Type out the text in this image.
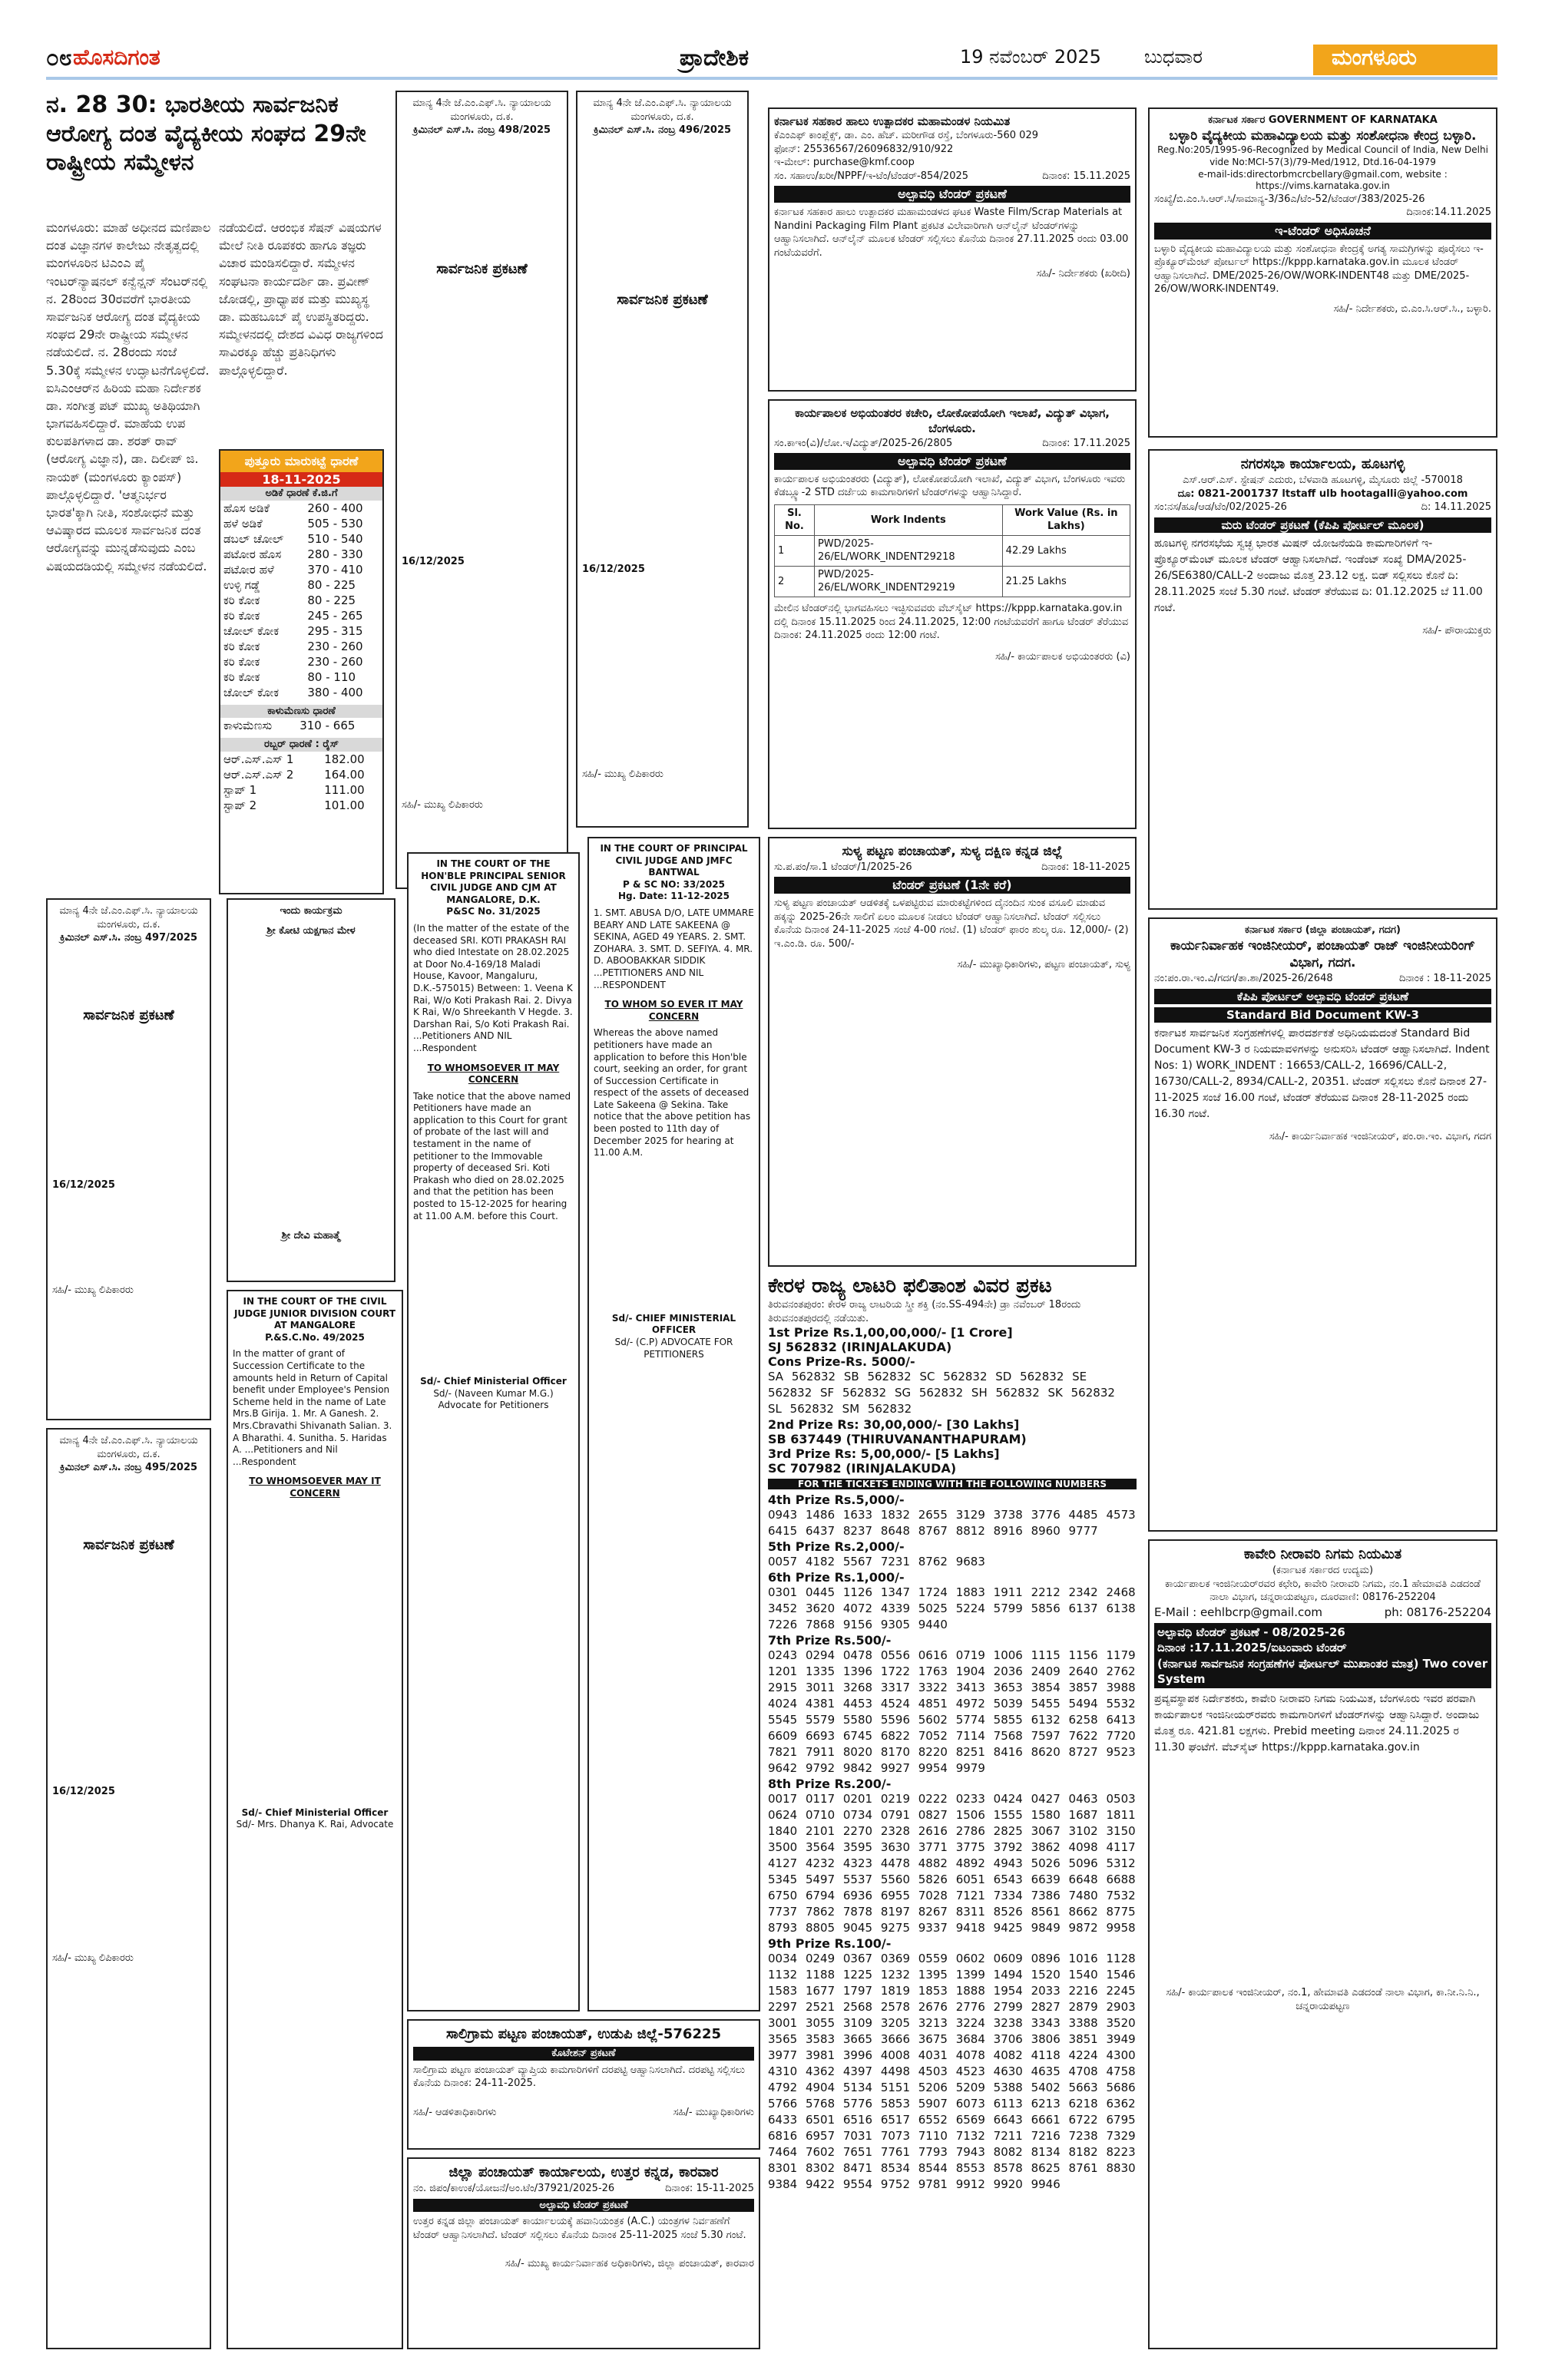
೦೮ ಹೊಸದಿಗಂತ	ಪ್ರಾದೇಶಿಕ	19 ನವೆಂಬರ್ 2025	ಬುಧವಾರ	ಮಂಗಳೂರು
ನ. 28 30: ಭಾರತೀಯ ಸಾರ್ವಜನಿಕ ಆರೋಗ್ಯ ದಂತ ವೈದ್ಯಕೀಯ ಸಂಘದ 29ನೇ ರಾಷ್ಟ್ರೀಯ ಸಮ್ಮೇಳನ
ಮಂಗಳೂರು: ಮಾಹೆ ಅಧೀನದ ಮಣಿಪಾಲ ದಂತ ವಿಜ್ಞಾನಗಳ ಕಾಲೇಜು ನೇತೃತ್ವದಲ್ಲಿ ಮಂಗಳೂರಿನ ಟಿಎಂಎ ಪೈ ಇಂಟರ್‌ನ್ಯಾಷನಲ್ ಕನ್ವೆನ್ಷನ್ ಸೆಂಟರ್‌ನಲ್ಲಿ ನ. 28ರಿಂದ 30ರವರೆಗೆ ಭಾರತೀಯ ಸಾರ್ವಜನಿಕ ಆರೋಗ್ಯ ದಂತ ವೈದ್ಯಕೀಯ ಸಂಘದ 29ನೇ ರಾಷ್ಟ್ರೀಯ ಸಮ್ಮೇಳನ ನಡೆಯಲಿದೆ. ನ. 28ರಂದು ಸಂಜೆ 5.30ಕ್ಕೆ ಸಮ್ಮೇಳನ ಉದ್ಘಾಟನೆಗೊಳ್ಳಲಿದೆ. ಐಸಿಎಂಆರ್‌ನ ಹಿರಿಯ ಮಹಾ ನಿರ್ದೇಶಕ ಡಾ. ಸಂಗೀತ್ರ ಪಟ್ ಮುಖ್ಯ ಅತಿಥಿಯಾಗಿ ಭಾಗವಹಿಸಲಿದ್ದಾರೆ. ಮಾಹೆಯ ಉಪ ಕುಲಪತಿಗಳಾದ ಡಾ. ಶರತ್ ರಾವ್ (ಆರೋಗ್ಯ ವಿಜ್ಞಾನ), ಡಾ. ದಿಲೀಪ್ ಜಿ. ನಾಯಕ್ (ಮಂಗಳೂರು ಕ್ಯಾಂಪಸ್) ಪಾಲ್ಗೊಳ್ಳಲಿದ್ದಾರೆ. 'ಆತ್ಮನಿರ್ಭರ ಭಾರತ'ಕ್ಕಾಗಿ ನೀತಿ, ಸಂಶೋಧನೆ ಮತ್ತು ಆವಿಷ್ಕಾರದ ಮೂಲಕ ಸಾರ್ವಜನಿಕ ದಂತ ಆರೋಗ್ಯವನ್ನು ಮುನ್ನಡೆಸುವುದು ಎಂಬ ವಿಷಯದಡಿಯಲ್ಲಿ ಸಮ್ಮೇಳನ ನಡೆಯಲಿದೆ.
ನಡೆಯಲಿದೆ. ಆರಂಭಿಕ ಸೆಷನ್ ವಿಷಯಗಳ ಮೇಲೆ ನೀತಿ ರೂಪಕರು ಹಾಗೂ ತಜ್ಞರು ವಿಚಾರ ಮಂಡಿಸಲಿದ್ದಾರೆ. ಸಮ್ಮೇಳನ ಸಂಘಟನಾ ಕಾರ್ಯದರ್ಶಿ ಡಾ. ಪ್ರವೀಣ್ ಜೋಡಲ್ಲಿ, ಪ್ರಾಧ್ಯಾಪಕ ಮತ್ತು ಮುಖ್ಯಸ್ಥ ಡಾ. ಮಹಬೂಬ್ ಪೈ ಉಪಸ್ಥಿತರಿದ್ದರು. ಸಮ್ಮೇಳನದಲ್ಲಿ ದೇಶದ ವಿವಿಧ ರಾಜ್ಯಗಳಿಂದ ಸಾವಿರಕ್ಕೂ ಹೆಚ್ಚು ಪ್ರತಿನಿಧಿಗಳು ಪಾಲ್ಗೊಳ್ಳಲಿದ್ದಾರೆ.
ಪುತ್ತೂರು ಮಾರುಕಟ್ಟೆ ಧಾರಣೆ
18-11-2025
ಅಡಿಕೆ ಧಾರಣೆ ಕೆ.ಜಿ.ಗೆ
ಹೊಸ ಅಡಿಕೆ	260 - 400
ಹಳೆ ಅಡಿಕೆ	505 - 530
ಡಬಲ್ ಚೋಲ್	510 - 540
ಪಟೋರ ಹೊಸ	280 - 330
ಪಟೋರ ಹಳೆ	370 - 410
ಉಳ್ಳಿ ಗಡ್ಡೆ	80 - 225
ಕರಿ ಕೋಕ	80 - 225
ಕರಿ ಕೋಕ	245 - 265
ಚೋಲ್ ಕೋಕ	295 - 315
ಕರಿ ಕೋಕ	230 - 260
ಕರಿ ಕೋಕ	230 - 260
ಕರಿ ಕೋಕ	80 - 110
ಚೋಲ್ ಕೋಕ	380 - 400
ಕಾಳುಮೆಣಸು ಧಾರಣೆ
ಕಾಳುಮೆಣಸು	310 - 665
ರಬ್ಬರ್ ಧಾರಣೆ : ರೈಸ್
ಆರ್.ಎಸ್.ಎಸ್ 1	182.00
ಆರ್.ಎಸ್.ಎಸ್ 2	164.00
ಸ್ಟಾಪ್ 1	111.00
ಸ್ಟಾಪ್ 2	101.00
ಮಾನ್ಯ 4ನೇ ಜೆ.ಎಂ.ಎಫ್.ಸಿ. ನ್ಯಾಯಾಲಯ ಮಂಗಳೂರು, ದ.ಕ.
ಕ್ರಿಮಿನಲ್ ಎಸ್.ಸಿ. ನಂಬ್ರ 497/2025
ಸಾರ್ವಜನಿಕ ಪ್ರಕಟಣೆ
16/12/2025
ಸಹಿ/- ಮುಖ್ಯ ಲಿಪಿಕಾರರು
ಮಾನ್ಯ 4ನೇ ಜೆ.ಎಂ.ಎಫ್.ಸಿ. ನ್ಯಾಯಾಲಯ ಮಂಗಳೂರು, ದ.ಕ.
ಕ್ರಿಮಿನಲ್ ಎಸ್.ಸಿ. ನಂಬ್ರ 495/2025
ಸಾರ್ವಜನಿಕ ಪ್ರಕಟಣೆ
16/12/2025
ಸಹಿ/- ಮುಖ್ಯ ಲಿಪಿಕಾರರು
ಮಾನ್ಯ 4ನೇ ಜೆ.ಎಂ.ಎಫ್.ಸಿ. ನ್ಯಾಯಾಲಯ ಮಂಗಳೂರು, ದ.ಕ.
ಕ್ರಿಮಿನಲ್ ಎಸ್.ಸಿ. ನಂಬ್ರ 498/2025
ಸಾರ್ವಜನಿಕ ಪ್ರಕಟಣೆ
16/12/2025
ಸಹಿ/- ಮುಖ್ಯ ಲಿಪಿಕಾರರು
ಮಾನ್ಯ 4ನೇ ಜೆ.ಎಂ.ಎಫ್.ಸಿ. ನ್ಯಾಯಾಲಯ ಮಂಗಳೂರು, ದ.ಕ.
ಕ್ರಿಮಿನಲ್ ಎಸ್.ಸಿ. ನಂಬ್ರ 496/2025
ಸಾರ್ವಜನಿಕ ಪ್ರಕಟಣೆ
16/12/2025
ಸಹಿ/- ಮುಖ್ಯ ಲಿಪಿಕಾರರು
ಇಂದು ಕಾರ್ಯಕ್ರಮ
ಶ್ರೀ ಕೋಟಿ ಯಕ್ಷಗಾನ ಮೇಳ
ಶ್ರೀ ದೇವಿ ಮಹಾತ್ಮೆ
IN THE COURT OF THE CIVIL JUDGE JUNIOR DIVISION COURT AT MANGALORE
P.&S.C.No. 49/2025
In the matter of grant of Succession Certificate to the amounts held in Return of Capital benefit under Employee's Pension Scheme held in the name of Late Mrs.B Girija. 1. Mr. A Ganesh. 2. Mrs.Cbravathi Shivanath Salian. 3. A Bharathi. 4. Sunitha. 5. Haridas A. ...Petitioners and Nil ...Respondent
TO WHOMSOEVER MAY IT CONCERN
Sd/- Chief Ministerial Officer
Sd/- Mrs. Dhanya K. Rai, Advocate
IN THE COURT OF THE HON'BLE PRINCIPAL SENIOR CIVIL JUDGE AND CJM AT MANGALORE, D.K.
P&SC No. 31/2025
(In the matter of the estate of the deceased SRI. KOTI PRAKASH RAI who died Intestate on 28.02.2025 at Door No.4-169/18 Maladi House, Kavoor, Mangaluru, D.K.-575015) Between: 1. Veena K Rai, W/o Koti Prakash Rai. 2. Divya K Rai, W/o Shreekanth V Hegde. 3. Darshan Rai, S/o Koti Prakash Rai. ...Petitioners AND NIL ...Respondent
TO WHOMSOEVER IT MAY CONCERN
Take notice that the above named Petitioners have made an application to this Court for grant of probate of the last will and testament in the name of petitioner to the Immovable property of deceased Sri. Koti Prakash who died on 28.02.2025 and that the petition has been posted to 15-12-2025 for hearing at 11.00 A.M. before this Court.
Sd/- Chief Ministerial Officer
Sd/- (Naveen Kumar M.G.) Advocate for Petitioners
IN THE COURT OF PRINCIPAL CIVIL JUDGE AND JMFC BANTWAL
P & SC NO: 33/2025
Hg. Date: 11-12-2025
1. SMT. ABUSA D/O, LATE UMMARE BEARY AND LATE SAKEENA @ SEKINA, AGED 49 YEARS. 2. SMT. ZOHARA. 3. SMT. D. SEFIYA. 4. MR. D. ABOOBAKKAR SIDDIK ...PETITIONERS AND NIL ...RESPONDENT
TO WHOM SO EVER IT MAY CONCERN
Whereas the above named petitioners have made an application to before this Hon'ble court, seeking an order, for grant of Succession Certificate in respect of the assets of deceased Late Sakeena @ Sekina. Take notice that the above petition has been posted to 11th day of December 2025 for hearing at 11.00 A.M.
Sd/- CHIEF MINISTERIAL OFFICER
Sd/- (C.P) ADVOCATE FOR PETITIONERS
ಸಾಲಿಗ್ರಾಮ ಪಟ್ಟಣ ಪಂಚಾಯತ್, ಉಡುಪಿ ಜಿಲ್ಲೆ-576225
ಕೊಟೇಶನ್ ಪ್ರಕಟಣೆ
ಸಾಲಿಗ್ರಾಮ ಪಟ್ಟಣ ಪಂಚಾಯತ್ ವ್ಯಾಪ್ತಿಯ ಕಾಮಗಾರಿಗಳಿಗೆ ದರಪಟ್ಟಿ ಆಹ್ವಾನಿಸಲಾಗಿದೆ. ದರಪಟ್ಟಿ ಸಲ್ಲಿಸಲು ಕೊನೆಯ ದಿನಾಂಕ: 24-11-2025.
ಸಹಿ/- ಆಡಳಿತಾಧಿಕಾರಿಗಳು	ಸಹಿ/- ಮುಖ್ಯಾಧಿಕಾರಿಗಳು
ಜಿಲ್ಲಾ ಪಂಚಾಯತ್ ಕಾರ್ಯಾಲಯ, ಉತ್ತರ ಕನ್ನಡ, ಕಾರವಾರ
ನಂ. ಜಿಪಂ/ಕಾಉಕ/ಯೋಜನೆ/ಅಂ.ಟೆಂ/37921/2025-26	ದಿನಾಂಕ: 15-11-2025
ಅಲ್ಪಾವಧಿ ಟೆಂಡರ್ ಪ್ರಕಟಣೆ
ಉತ್ತರ ಕನ್ನಡ ಜಿಲ್ಲಾ ಪಂಚಾಯತ್ ಕಾರ್ಯಾಲಯಕ್ಕೆ ಹವಾನಿಯಂತ್ರಕ (A.C.) ಯಂತ್ರಗಳ ನಿರ್ವಹಣೆಗೆ ಟೆಂಡರ್ ಆಹ್ವಾನಿಸಲಾಗಿದೆ. ಟೆಂಡರ್ ಸಲ್ಲಿಸಲು ಕೊನೆಯ ದಿನಾಂಕ 25-11-2025 ಸಂಜೆ 5.30 ಗಂಟೆ.
ಸಹಿ/- ಮುಖ್ಯ ಕಾರ್ಯನಿರ್ವಾಹಕ ಅಧಿಕಾರಿಗಳು, ಜಿಲ್ಲಾ ಪಂಚಾಯತ್, ಕಾರವಾರ
ಕರ್ನಾಟಕ ಸಹಕಾರ ಹಾಲು ಉತ್ಪಾದಕರ ಮಹಾಮಂಡಳ ನಿಯಮಿತ
ಕೆಎಂಎಫ್ ಕಾಂಪ್ಲೆಕ್ಸ್, ಡಾ. ಎಂ. ಹೆಚ್. ಮರೀಗೌಡ ರಸ್ತೆ, ಬೆಂಗಳೂರು-560 029
ಫೋನ್: 25536567/26096832/910/922
ಇ-ಮೇಲ್: purchase@kmf.coop
ಸಂ. ಸಹಾಉ/ಖರೀ/NPPF/ಇ-ಟೆಂ/ಟೆಂಡರ್-854/2025	ದಿನಾಂಕ: 15.11.2025
ಅಲ್ಪಾವಧಿ ಟೆಂಡರ್ ಪ್ರಕಟಣೆ
ಕರ್ನಾಟಕ ಸಹಕಾರ ಹಾಲು ಉತ್ಪಾದಕರ ಮಹಾಮಂಡಳದ ಘಟಕ Waste Film/Scrap Materials at Nandini Packaging Film Plant ಪ್ರಕಟಿತ ವಿಲೇವಾರಿಗಾಗಿ ಆನ್‌ಲೈನ್ ಟೆಂಡರ್‌ಗಳನ್ನು ಆಹ್ವಾನಿಸಲಾಗಿದೆ. ಆನ್‌ಲೈನ್ ಮೂಲಕ ಟೆಂಡರ್ ಸಲ್ಲಿಸಲು ಕೊನೆಯ ದಿನಾಂಕ 27.11.2025 ರಂದು 03.00 ಗಂಟೆಯವರೆಗೆ.
ಸಹಿ/- ನಿರ್ದೇಶಕರು (ಖರೀದಿ)
ಕಾರ್ಯಪಾಲಕ ಅಭಿಯಂತರರ ಕಚೇರಿ, ಲೋಕೋಪಯೋಗಿ ಇಲಾಖೆ, ವಿದ್ಯುತ್ ವಿಭಾಗ, ಬೆಂಗಳೂರು.
ಸಂ.ಕಾಇಂ(ವಿ)/ಲೋ.ಇ/ವಿದ್ಯುತ್/2025-26/2805	ದಿನಾಂಕ: 17.11.2025
ಅಲ್ಪಾವಧಿ ಟೆಂಡರ್ ಪ್ರಕಟಣೆ
ಕಾರ್ಯಪಾಲಕ ಅಭಿಯಂತರರು (ವಿದ್ಯುತ್), ಲೋಕೋಪಯೋಗಿ ಇಲಾಖೆ, ವಿದ್ಯುತ್ ವಿಭಾಗ, ಬೆಂಗಳೂರು ಇವರು ಕೆಡಬ್ಲ್ಯೂ-2 STD ದರ್ಜೆಯ ಕಾಮಗಾರಿಗಳಿಗೆ ಟೆಂಡರ್‌ಗಳನ್ನು ಆಹ್ವಾನಿಸಿದ್ದಾರೆ.
Sl. No.	Work Indents	Work Value (Rs. in Lakhs)
1	PWD/2025-26/EL/WORK_INDENT29218	42.29 Lakhs
2	PWD/2025-26/EL/WORK_INDENT29219	21.25 Lakhs
ಮೇಲಿನ ಟೆಂಡರ್‌ನಲ್ಲಿ ಭಾಗವಹಿಸಲು ಇಚ್ಛಿಸುವವರು ವೆಬ್‌ಸೈಟ್ https://kppp.karnataka.gov.in ದಲ್ಲಿ ದಿನಾಂಕ 15.11.2025 ರಿಂದ 24.11.2025, 12:00 ಗಂಟೆಯವರೆಗೆ ಹಾಗೂ ಟೆಂಡರ್ ತೆರೆಯುವ ದಿನಾಂಕ: 24.11.2025 ರಂದು 12:00 ಗಂಟೆ.
ಸಹಿ/- ಕಾರ್ಯಪಾಲಕ ಅಭಿಯಂತರರು (ವಿ)
ಸುಳ್ಯ ಪಟ್ಟಣ ಪಂಚಾಯತ್, ಸುಳ್ಯ ದಕ್ಷಿಣ ಕನ್ನಡ ಜಿಲ್ಲೆ
ಸು.ಪ.ಪಂ/ಸಾ.1 ಟೆಂಡರ್/1/2025-26	ದಿನಾಂಕ: 18-11-2025
ಟೆಂಡರ್ ಪ್ರಕಟಣೆ (1ನೇ ಕರೆ)
ಸುಳ್ಯ ಪಟ್ಟಣ ಪಂಚಾಯತ್ ಆಡಳಿತಕ್ಕೆ ಒಳಪಟ್ಟಿರುವ ಮಾರುಕಟ್ಟೆಗಳಿಂದ ದೈನಂದಿನ ಸುಂಕ ವಸೂಲಿ ಮಾಡುವ ಹಕ್ಕನ್ನು 2025-26ನೇ ಸಾಲಿಗೆ ಏಲಂ ಮೂಲಕ ನೀಡಲು ಟೆಂಡರ್ ಆಹ್ವಾನಿಸಲಾಗಿದೆ. ಟೆಂಡರ್ ಸಲ್ಲಿಸಲು ಕೊನೆಯ ದಿನಾಂಕ 24-11-2025 ಸಂಜೆ 4-00 ಗಂಟೆ. (1) ಟೆಂಡರ್ ಫಾರಂ ಶುಲ್ಕ ರೂ. 12,000/- (2) ಇ.ಎಂ.ಡಿ. ರೂ. 500/-
ಸಹಿ/- ಮುಖ್ಯಾಧಿಕಾರಿಗಳು, ಪಟ್ಟಣ ಪಂಚಾಯತ್, ಸುಳ್ಯ
ಕೇರಳ ರಾಜ್ಯ ಲಾಟರಿ ಫಲಿತಾಂಶ ವಿವರ ಪ್ರಕಟ
ತಿರುವನಂತಪುರಂ: ಕೇರಳ ರಾಜ್ಯ ಲಾಟರಿಯ ಸ್ತ್ರೀ ಶಕ್ತಿ (ನಂ.SS-494ನೇ) ಡ್ರಾ ನವೆಂಬರ್ 18ರಂದು ತಿರುವನಂತಪುರದಲ್ಲಿ ನಡೆಯಿತು.
1st Prize Rs.1,00,00,000/- [1 Crore]
SJ 562832 (IRINJALAKUDA)
Cons Prize-Rs. 5000/-
SA 562832 SB 562832 SC 562832 SD 562832 SE 562832 SF 562832 SG 562832 SH 562832 SK 562832 SL 562832 SM 562832
2nd Prize Rs: 30,00,000/- [30 Lakhs]
SB 637449 (THIRUVANANTHAPURAM)
3rd Prize Rs: 5,00,000/- [5 Lakhs]
SC 707982 (IRINJALAKUDA)
FOR THE TICKETS ENDING WITH THE FOLLOWING NUMBERS
4th Prize Rs.5,000/-
0943 1486 1633 1832 2655 3129 3738 3776 4485 4573 6415 6437 8237 8648 8767 8812 8916 8960 9777
5th Prize Rs.2,000/-
0057 4182 5567 7231 8762 9683
6th Prize Rs.1,000/-
0301 0445 1126 1347 1724 1883 1911 2212 2342 2468 3452 3620 4072 4339 5025 5224 5799 5856 6137 6138 7226 7868 9156 9305 9440
7th Prize Rs.500/-
0243 0294 0478 0556 0616 0719 1006 1115 1156 1179 1201 1335 1396 1722 1763 1904 2036 2409 2640 2762 2915 3011 3268 3317 3322 3413 3653 3854 3857 3988 4024 4381 4453 4524 4851 4972 5039 5455 5494 5532 5545 5579 5580 5596 5602 5774 5855 6132 6258 6413 6609 6693 6745 6822 7052 7114 7568 7597 7622 7720 7821 7911 8020 8170 8220 8251 8416 8620 8727 9523 9642 9792 9842 9927 9954 9979
8th Prize Rs.200/-
0017 0117 0201 0219 0222 0233 0424 0427 0463 0503 0624 0710 0734 0791 0827 1506 1555 1580 1687 1811 1840 2101 2270 2328 2616 2786 2825 3067 3102 3150 3500 3564 3595 3630 3771 3775 3792 3862 4098 4117 4127 4232 4323 4478 4882 4892 4943 5026 5096 5312 5345 5497 5537 5560 5826 6051 6543 6639 6648 6688 6750 6794 6936 6955 7028 7121 7334 7386 7480 7532 7737 7862 7878 8197 8267 8311 8526 8561 8662 8775 8793 8805 9045 9275 9337 9418 9425 9849 9872 9958
9th Prize Rs.100/-
0034 0249 0367 0369 0559 0602 0609 0896 1016 1128 1132 1188 1225 1232 1395 1399 1494 1520 1540 1546 1583 1677 1797 1819 1853 1888 1954 2033 2216 2245 2297 2521 2568 2578 2676 2776 2799 2827 2879 2903 3001 3055 3109 3205 3213 3224 3238 3343 3388 3520 3565 3583 3665 3666 3675 3684 3706 3806 3851 3949 3977 3981 3996 4008 4031 4078 4082 4118 4224 4300 4310 4362 4397 4498 4503 4523 4630 4635 4708 4758 4792 4904 5134 5151 5206 5209 5388 5402 5663 5686 5766 5768 5776 5853 5907 6073 6113 6213 6218 6362 6433 6501 6516 6517 6552 6569 6643 6661 6722 6795 6816 6957 7031 7073 7110 7132 7211 7216 7238 7329 7464 7602 7651 7761 7793 7943 8082 8134 8182 8223 8301 8302 8471 8534 8544 8553 8578 8625 8761 8830 9384 9422 9554 9752 9781 9912 9920 9946
ಕರ್ನಾಟಕ ಸರ್ಕಾರ GOVERNMENT OF KARNATAKA
ಬಳ್ಳಾರಿ ವೈದ್ಯಕೀಯ ಮಹಾವಿದ್ಯಾಲಯ ಮತ್ತು ಸಂಶೋಧನಾ ಕೇಂದ್ರ ಬಳ್ಳಾರಿ.
Reg.No:205/1995-96-Recognized by Medical Council of India, New Delhi vide No:MCI-57(3)/79-Med/1912, Dtd.16-04-1979
e-mail-ids:directorbmcrcbellary@gmail.com, website : https://vims.karnataka.gov.in
ಸಂಖ್ಯೆ/ಬಿ.ಎಂ.ಸಿ.ಆರ್.ಸಿ/ಸಾಮಾನ್ಯ-3/36ಎ/ಟೆಂ-52/ಟೆಂಡರ್/383/2025-26
ದಿನಾಂಕ:14.11.2025
ಇ-ಟೆಂಡರ್ ಅಧಿಸೂಚನೆ
ಬಳ್ಳಾರಿ ವೈದ್ಯಕೀಯ ಮಹಾವಿದ್ಯಾಲಯ ಮತ್ತು ಸಂಶೋಧನಾ ಕೇಂದ್ರಕ್ಕೆ ಅಗತ್ಯ ಸಾಮಗ್ರಿಗಳನ್ನು ಪೂರೈಸಲು ಇ-ಪ್ರೊಕ್ಯೂರ್‌ಮೆಂಟ್ ಪೋರ್ಟಲ್ https://kppp.karnataka.gov.in ಮೂಲಕ ಟೆಂಡರ್ ಆಹ್ವಾನಿಸಲಾಗಿದೆ. DME/2025-26/OW/WORK-INDENT48 ಮತ್ತು DME/2025-26/OW/WORK-INDENT49.
ಸಹಿ/- ನಿರ್ದೇಶಕರು, ಬಿ.ಎಂ.ಸಿ.ಆರ್.ಸಿ., ಬಳ್ಳಾರಿ.
ನಗರಸಭಾ ಕಾರ್ಯಾಲಯ, ಹೂಟಗಳ್ಳಿ
ಎಸ್.ಆರ್.ಎಸ್. ಸ್ಟೇಷನ್ ಎದುರು, ಬೆಳವಾಡಿ ಹೂಟಗಳ್ಳಿ, ಮೈಸೂರು ಜಿಲ್ಲೆ -570018
ದೂ: 0821-2001737 ltstaff ulb hootagalli@yahoo.com
ಸಂ:ನಸ/ಹೂ/ಆಡ/ಟೆಂ/02/2025-26	ದಿ: 14.11.2025
ಮರು ಟೆಂಡರ್ ಪ್ರಕಟಣೆ (ಕೆಪಿಪಿ ಪೋರ್ಟಲ್ ಮೂಲಕ)
ಹೂಟಗಳ್ಳಿ ನಗರಸಭೆಯ ಸ್ವಚ್ಛ ಭಾರತ ಮಿಷನ್ ಯೋಜನೆಯಡಿ ಕಾಮಗಾರಿಗಳಿಗೆ ಇ-ಪ್ರೊಕ್ಯೂರ್‌ಮೆಂಟ್ ಮೂಲಕ ಟೆಂಡರ್ ಆಹ್ವಾನಿಸಲಾಗಿದೆ. ಇಂಡೆಂಟ್ ಸಂಖ್ಯೆ DMA/2025-26/SE6380/CALL-2 ಅಂದಾಜು ಮೊತ್ತ 23.12 ಲಕ್ಷ. ಬಿಡ್ ಸಲ್ಲಿಸಲು ಕೊನೆ ದಿ: 28.11.2025 ಸಂಜೆ 5.30 ಗಂಟೆ. ಟೆಂಡರ್ ತೆರೆಯುವ ದಿ: 01.12.2025 ಬೆ 11.00 ಗಂಟೆ.
ಸಹಿ/- ಪೌರಾಯುಕ್ತರು
ಕರ್ನಾಟಕ ಸರ್ಕಾರ (ಜಿಲ್ಲಾ ಪಂಚಾಯತ್, ಗದಗ)
ಕಾರ್ಯನಿರ್ವಾಹಕ ಇಂಜಿನೀಯರ್, ಪಂಚಾಯತ್ ರಾಜ್ ಇಂಜಿನೀಯರಿಂಗ್ ವಿಭಾಗ, ಗದಗ.
ನಂ:ಪಂ.ರಾ.ಇಂ.ವಿ/ಗದಗ/ತಾ.ಶಾ/2025-26/2648	ದಿನಾಂಕ : 18-11-2025
ಕೆಪಿಪಿ ಪೋರ್ಟಲ್ ಅಲ್ಪಾವಧಿ ಟೆಂಡರ್ ಪ್ರಕಟಣೆ
Standard Bid Document KW-3
ಕರ್ನಾಟಕ ಸಾರ್ವಜನಿಕ ಸಂಗ್ರಹಣೆಗಳಲ್ಲಿ ಪಾರದರ್ಶಕತೆ ಅಧಿನಿಯಮದಂತೆ Standard Bid Document KW-3 ರ ನಿಯಮಾವಳಿಗಳನ್ನು ಅನುಸರಿಸಿ ಟೆಂಡರ್ ಆಹ್ವಾನಿಸಲಾಗಿದೆ. Indent Nos: 1) WORK_INDENT : 16653/CALL-2, 16696/CALL-2, 16730/CALL-2, 8934/CALL-2, 20351. ಟೆಂಡರ್ ಸಲ್ಲಿಸಲು ಕೊನೆ ದಿನಾಂಕ 27-11-2025 ಸಂಜೆ 16.00 ಗಂಟೆ, ಟೆಂಡರ್ ತೆರೆಯುವ ದಿನಾಂಕ 28-11-2025 ರಂದು 16.30 ಗಂಟೆ.
ಸಹಿ/- ಕಾರ್ಯನಿರ್ವಾಹಕ ಇಂಜಿನೀಯರ್, ಪಂ.ರಾ.ಇಂ. ವಿಭಾಗ, ಗದಗ
ಕಾವೇರಿ ನೀರಾವರಿ ನಿಗಮ ನಿಯಮಿತ
(ಕರ್ನಾಟಕ ಸರ್ಕಾರದ ಉದ್ಯಮ)
ಕಾರ್ಯಪಾಲಕ ಇಂಜಿನೀಯರ್‌ರವರ ಕಛೇರಿ, ಕಾವೇರಿ ನೀರಾವರಿ ನಿಗಮ, ನಂ.1 ಹೇಮಾವತಿ ಎಡದಂಡೆ ನಾಲಾ ವಿಭಾಗ, ಚನ್ನರಾಯಪಟ್ಟಣ, ದೂರವಾಣಿ: 08176-252204
E-Mail : eehlbcrp@gmail.com	ph: 08176-252204
ಅಲ್ಪಾವಧಿ ಟೆಂಡರ್ ಪ್ರಕಟಣೆ - 08/2025-26
ದಿನಾಂಕ :17.11.2025/ಐಟಂವಾರು ಟೆಂಡರ್
(ಕರ್ನಾಟಕ ಸಾರ್ವಜನಿಕ ಸಂಗ್ರಹಣೆಗಳ ಪೋರ್ಟಲ್ ಮುಖಾಂತರ ಮಾತ್ರ) Two cover System
ಪ್ರವ್ಯವಸ್ಥಾಪಕ ನಿರ್ದೇಶಕರು, ಕಾವೇರಿ ನೀರಾವರಿ ನಿಗಮ ನಿಯಮಿತ, ಬೆಂಗಳೂರು ಇವರ ಪರವಾಗಿ ಕಾರ್ಯಪಾಲಕ ಇಂಜಿನೀಯರ್‌ರವರು ಕಾಮಗಾರಿಗಳಿಗೆ ಟೆಂಡರ್‌ಗಳನ್ನು ಆಹ್ವಾನಿಸಿದ್ದಾರೆ. ಅಂದಾಜು ಮೊತ್ತ ರೂ. 421.81 ಲಕ್ಷಗಳು. Prebid meeting ದಿನಾಂಕ 24.11.2025 ರ 11.30 ಘಂಟೆಗೆ. ವೆಬ್‌ಸೈಟ್ https://kppp.karnataka.gov.in
ಸಹಿ/- ಕಾರ್ಯಪಾಲಕ ಇಂಜಿನೀಯರ್, ನಂ.1, ಹೇಮಾವತಿ ಎಡದಂಡೆ ನಾಲಾ ವಿಭಾಗ, ಕಾ.ನೀ.ನಿ.ನಿ., ಚನ್ನರಾಯಪಟ್ಟಣ
